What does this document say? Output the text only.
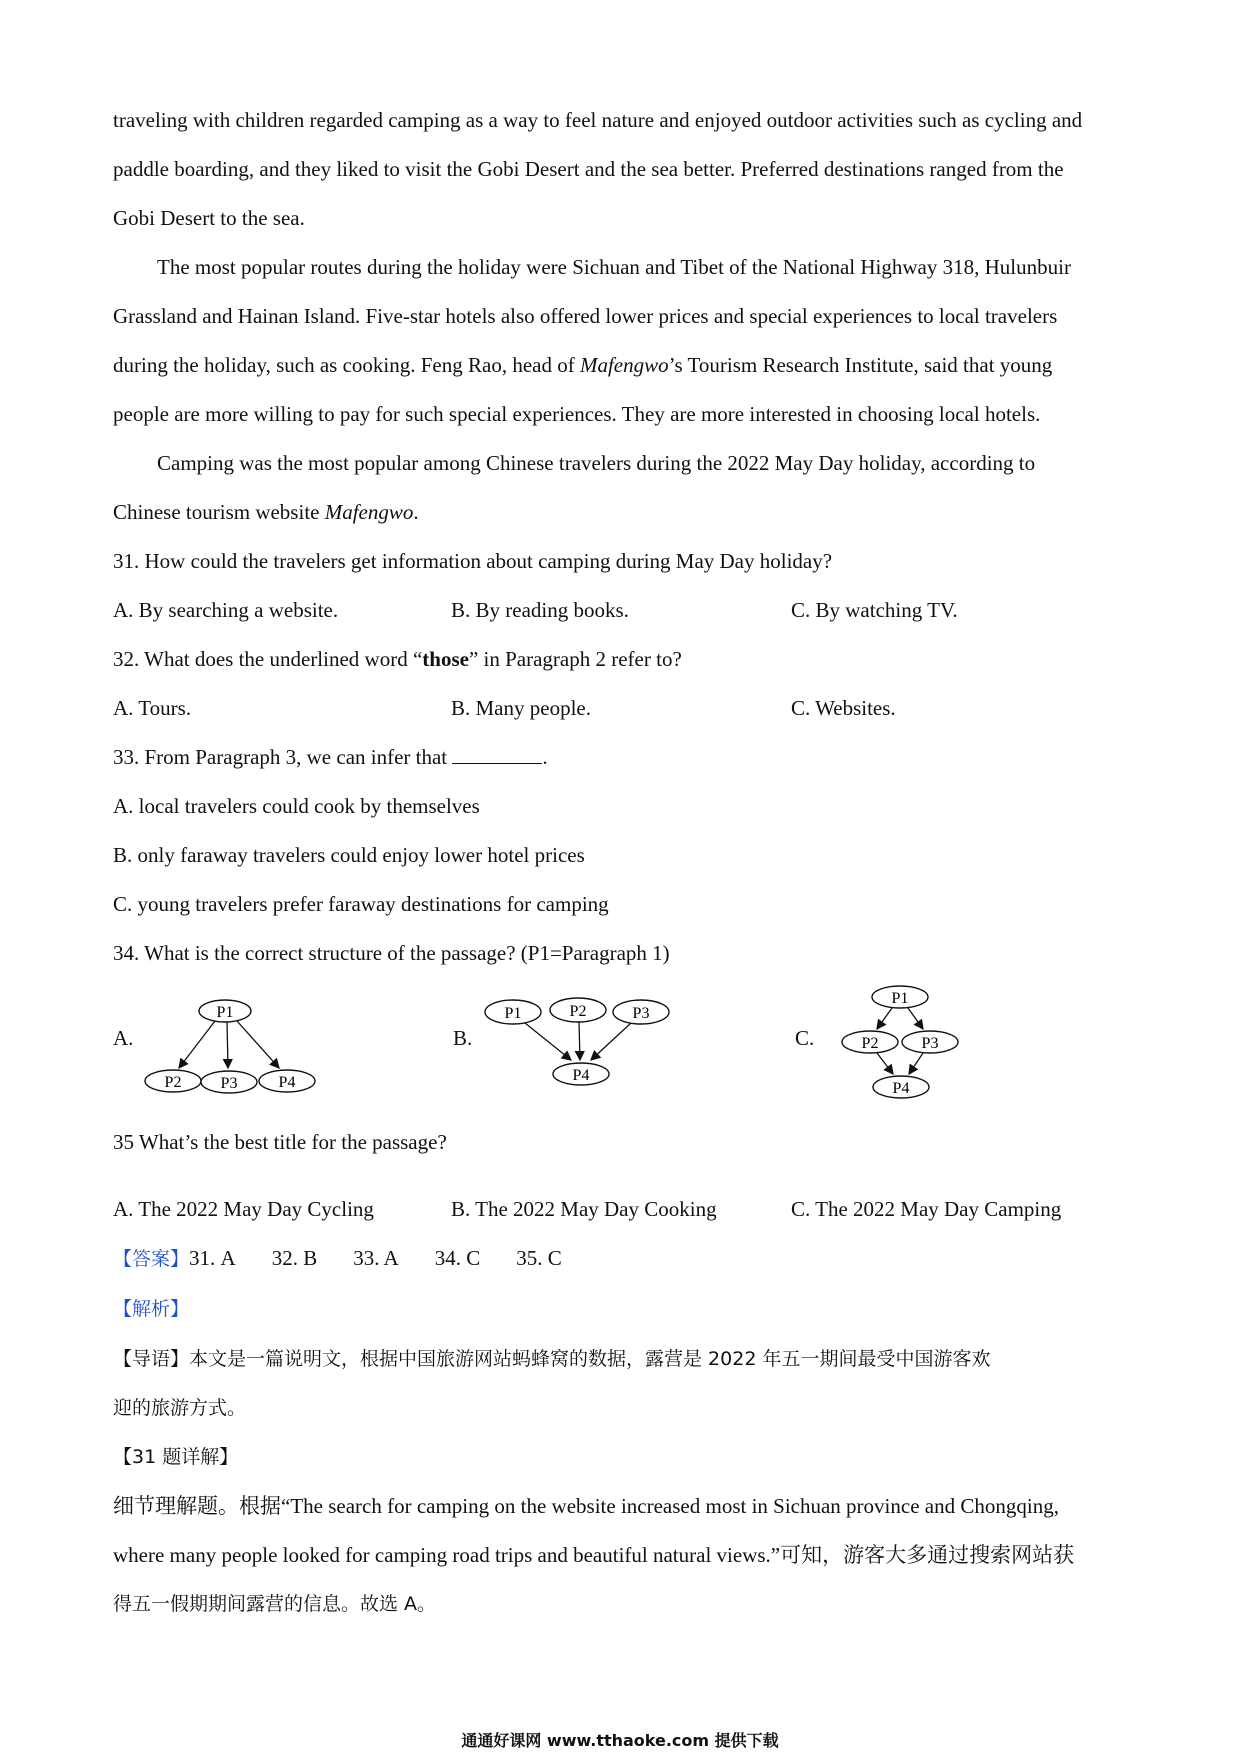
traveling with children regarded camping as a way to feel nature and enjoyed outdoor activities such as cycling and
paddle boarding, and they liked to visit the Gobi Desert and the sea better. Preferred destinations ranged from the
Gobi Desert to the sea.
The most popular routes during the holiday were Sichuan and Tibet of the National Highway 318, Hulunbuir
Grassland and Hainan Island. Five-star hotels also offered lower prices and special experiences to local travelers
during the holiday, such as cooking. Feng Rao, head of Mafengwo’s Tourism Research Institute, said that young
people are more willing to pay for such special experiences. They are more interested in choosing local hotels.
Camping was the most popular among Chinese travelers during the 2022 May Day holiday, according to
Chinese tourism website Mafengwo.
31. How could the travelers get information about camping during May Day holiday?
A. By searching a website.	B. By reading books.	C. By watching TV.
32. What does the underlined word “those” in Paragraph 2 refer to?
A. Tours.	B. Many people.	C. Websites.
33. From Paragraph 3, we can infer that	.
A. local travelers could cook by themselves
B. only faraway travelers could enjoy lower hotel prices
C. young travelers prefer faraway destinations for camping
34. What is the correct structure of the passage? (P1=Paragraph 1)
A.
P1
P2 P3	P4
B.
P1	P2	P3
P4
C.
P1
P2	P3
P4
35 What’s the best title for the passage?
A. The 2022 May Day Cycling	B. The 2022 May Day Cooking	C. The 2022 May Day Camping
【答案】31. A 32. B 33. A 34. C 35. C
【解析】
【导语】本文是一篇说明文，根据中国旅游网站蚂蜂窝的数据，露营是 2022 年五一期间最受中国游客欢
迎的旅游方式。
【31 题详解】
细节理解题。根据“The search for camping on the website increased most in Sichuan province and Chongqing,
where many people looked for camping road trips and beautiful natural views.”可知，游客大多通过搜索网站获
得五一假期期间露营的信息。故选 A。
通通好课网 www.tthaoke.com 提供下载
